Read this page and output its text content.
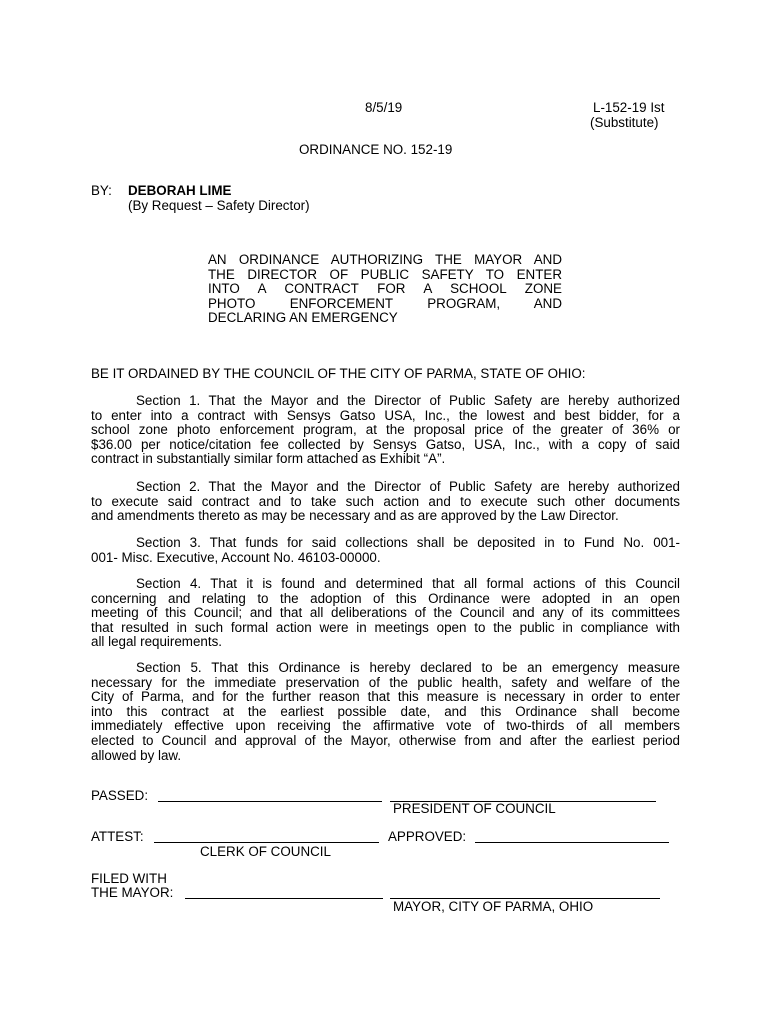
8/5/19	L-152-19 Ist
(Substitute)
ORDINANCE NO. 152-19
BY: DEBORAH LIME
(By Request – Safety Director)
AN ORDINANCE AUTHORIZING THE MAYOR AND
THE DIRECTOR OF PUBLIC SAFETY TO ENTER
INTO A CONTRACT FOR A SCHOOL ZONE
PHOTO ENFORCEMENT PROGRAM, AND
DECLARING AN EMERGENCY
BE IT ORDAINED BY THE COUNCIL OF THE CITY OF PARMA, STATE OF OHIO:
Section 1. That the Mayor and the Director of Public Safety are hereby authorized
to enter into a contract with Sensys Gatso USA, Inc., the lowest and best bidder, for a
school zone photo enforcement program, at the proposal price of the greater of 36% or
$36.00 per notice/citation fee collected by Sensys Gatso, USA, Inc., with a copy of said
contract in substantially similar form attached as Exhibit “A”.
Section 2. That the Mayor and the Director of Public Safety are hereby authorized
to execute said contract and to take such action and to execute such other documents
and amendments thereto as may be necessary and as are approved by the Law Director.
Section 3. That funds for said collections shall be deposited in to Fund No. 001-
001- Misc. Executive, Account No. 46103-00000.
Section 4. That it is found and determined that all formal actions of this Council
concerning and relating to the adoption of this Ordinance were adopted in an open
meeting of this Council; and that all deliberations of the Council and any of its committees
that resulted in such formal action were in meetings open to the public in compliance with
all legal requirements.
Section 5. That this Ordinance is hereby declared to be an emergency measure
necessary for the immediate preservation of the public health, safety and welfare of the
City of Parma, and for the further reason that this measure is necessary in order to enter
into this contract at the earliest possible date, and this Ordinance shall become
immediately effective upon receiving the affirmative vote of two-thirds of all members
elected to Council and approval of the Mayor, otherwise from and after the earliest period
allowed by law.
PASSED:
PRESIDENT OF COUNCIL
ATTEST:	APPROVED:
CLERK OF COUNCIL
FILED WITH
THE MAYOR:
MAYOR, CITY OF PARMA, OHIO
